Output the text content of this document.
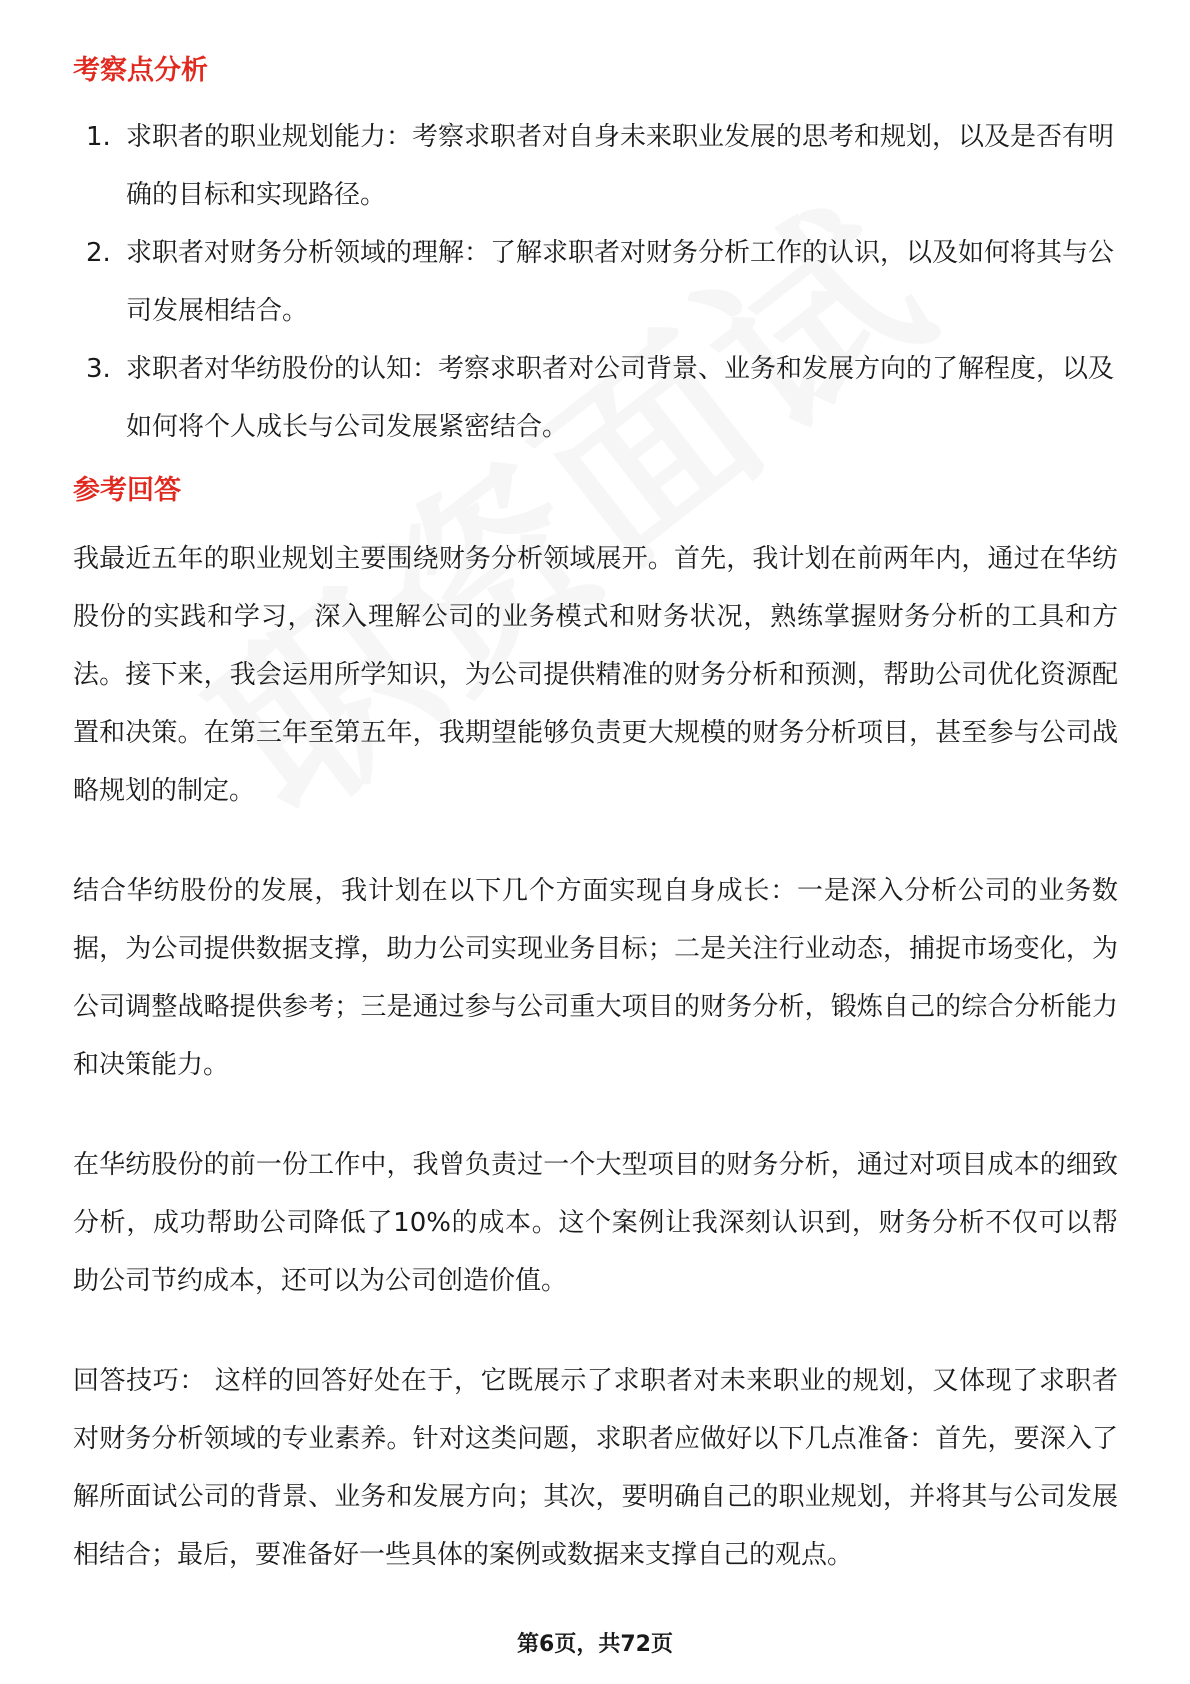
考察点分析
1. 求职者的职业规划能力：考察求职者对自身未来职业发展的思考和规划，以及是否有明确的目标和实现路径。
2. 求职者对财务分析领域的理解：了解求职者对财务分析工作的认识，以及如何将其与公司发展相结合。
3. 求职者对华纺股份的认知：考察求职者对公司背景、业务和发展方向的了解程度，以及如何将个人成长与公司发展紧密结合。
参考回答

我最近五年的职业规划主要围绕财务分析领域展开。首先，我计划在前两年内，通过在华纺股份的实践和学习，深入理解公司的业务模式和财务状况，熟练掌握财务分析的工具和方法。接下来，我会运用所学知识，为公司提供精准的财务分析和预测，帮助公司优化资源配置和决策。在第三年至第五年，我期望能够负责更大规模的财务分析项目，甚至参与公司战略规划的制定。

结合华纺股份的发展，我计划在以下几个方面实现自身成长：一是深入分析公司的业务数据，为公司提供数据支撑，助力公司实现业务目标；二是关注行业动态，捕捉市场变化，为公司调整战略提供参考；三是通过参与公司重大项目的财务分析，锻炼自己的综合分析能力和决策能力。

在华纺股份的前一份工作中，我曾负责过一个大型项目的财务分析，通过对项目成本的细致分析，成功帮助公司降低了10%的成本。这个案例让我深刻认识到，财务分析不仅可以帮助公司节约成本，还可以为公司创造价值。

回答技巧： 这样的回答好处在于，它既展示了求职者对未来职业的规划，又体现了求职者对财务分析领域的专业素养。针对这类问题，求职者应做好以下几点准备：首先，要深入了解所面试公司的背景、业务和发展方向；其次，要明确自己的职业规划，并将其与公司发展相结合；最后，要准备好一些具体的案例或数据来支撑自己的观点。

第6页，共72页
